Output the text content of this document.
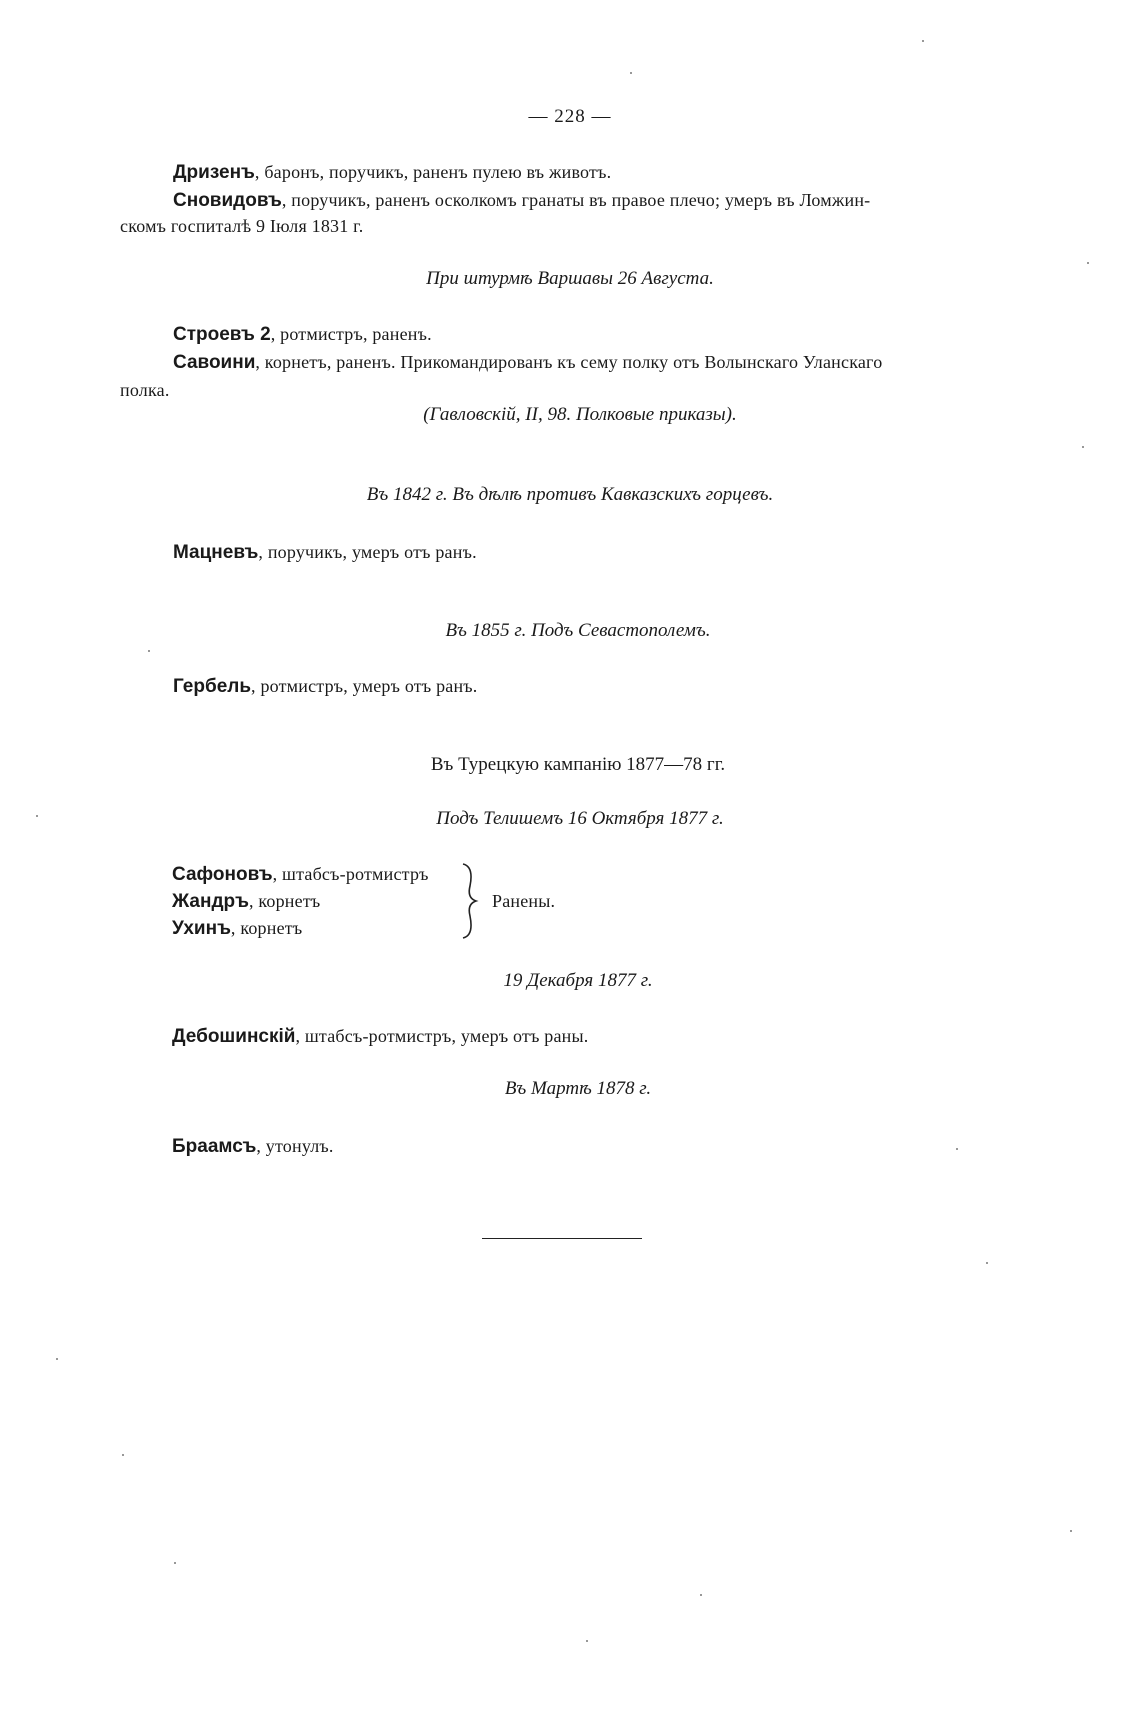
— 228 —
Дризенъ, баронъ, поручикъ, раненъ пулею въ животъ.
Сновидовъ, поручикъ, раненъ осколкомъ гранаты въ правое плечо; умеръ въ Ломжин-
скомъ госпиталѣ 9 Іюля 1831 г.
При штурмѣ Варшавы 26 Августа.
Строевъ 2, ротмистръ, раненъ.
Савоини, корнетъ, раненъ. Прикомандированъ къ сему полку отъ Волынскаго Уланскаго
полка.
(Гавловскій, II, 98. Полковые приказы).
Въ 1842 г. Въ дѣлѣ противъ Кавказскихъ горцевъ.
Мацневъ, поручикъ, умеръ отъ ранъ.
Въ 1855 г. Подъ Севастополемъ.
Гербель, ротмистръ, умеръ отъ ранъ.
Въ Турецкую кампанію 1877—78 гг.
Подъ Телишемъ 16 Октября 1877 г.
Сафоновъ, штабсъ-ротмистръ
Жандръ, корнетъ
Ухинъ, корнетъ
Ранены.
19 Декабря 1877 г.
Дебошинскій, штабсъ-ротмистръ, умеръ отъ раны.
Въ Мартѣ 1878 г.
Браамсъ, утонулъ.
